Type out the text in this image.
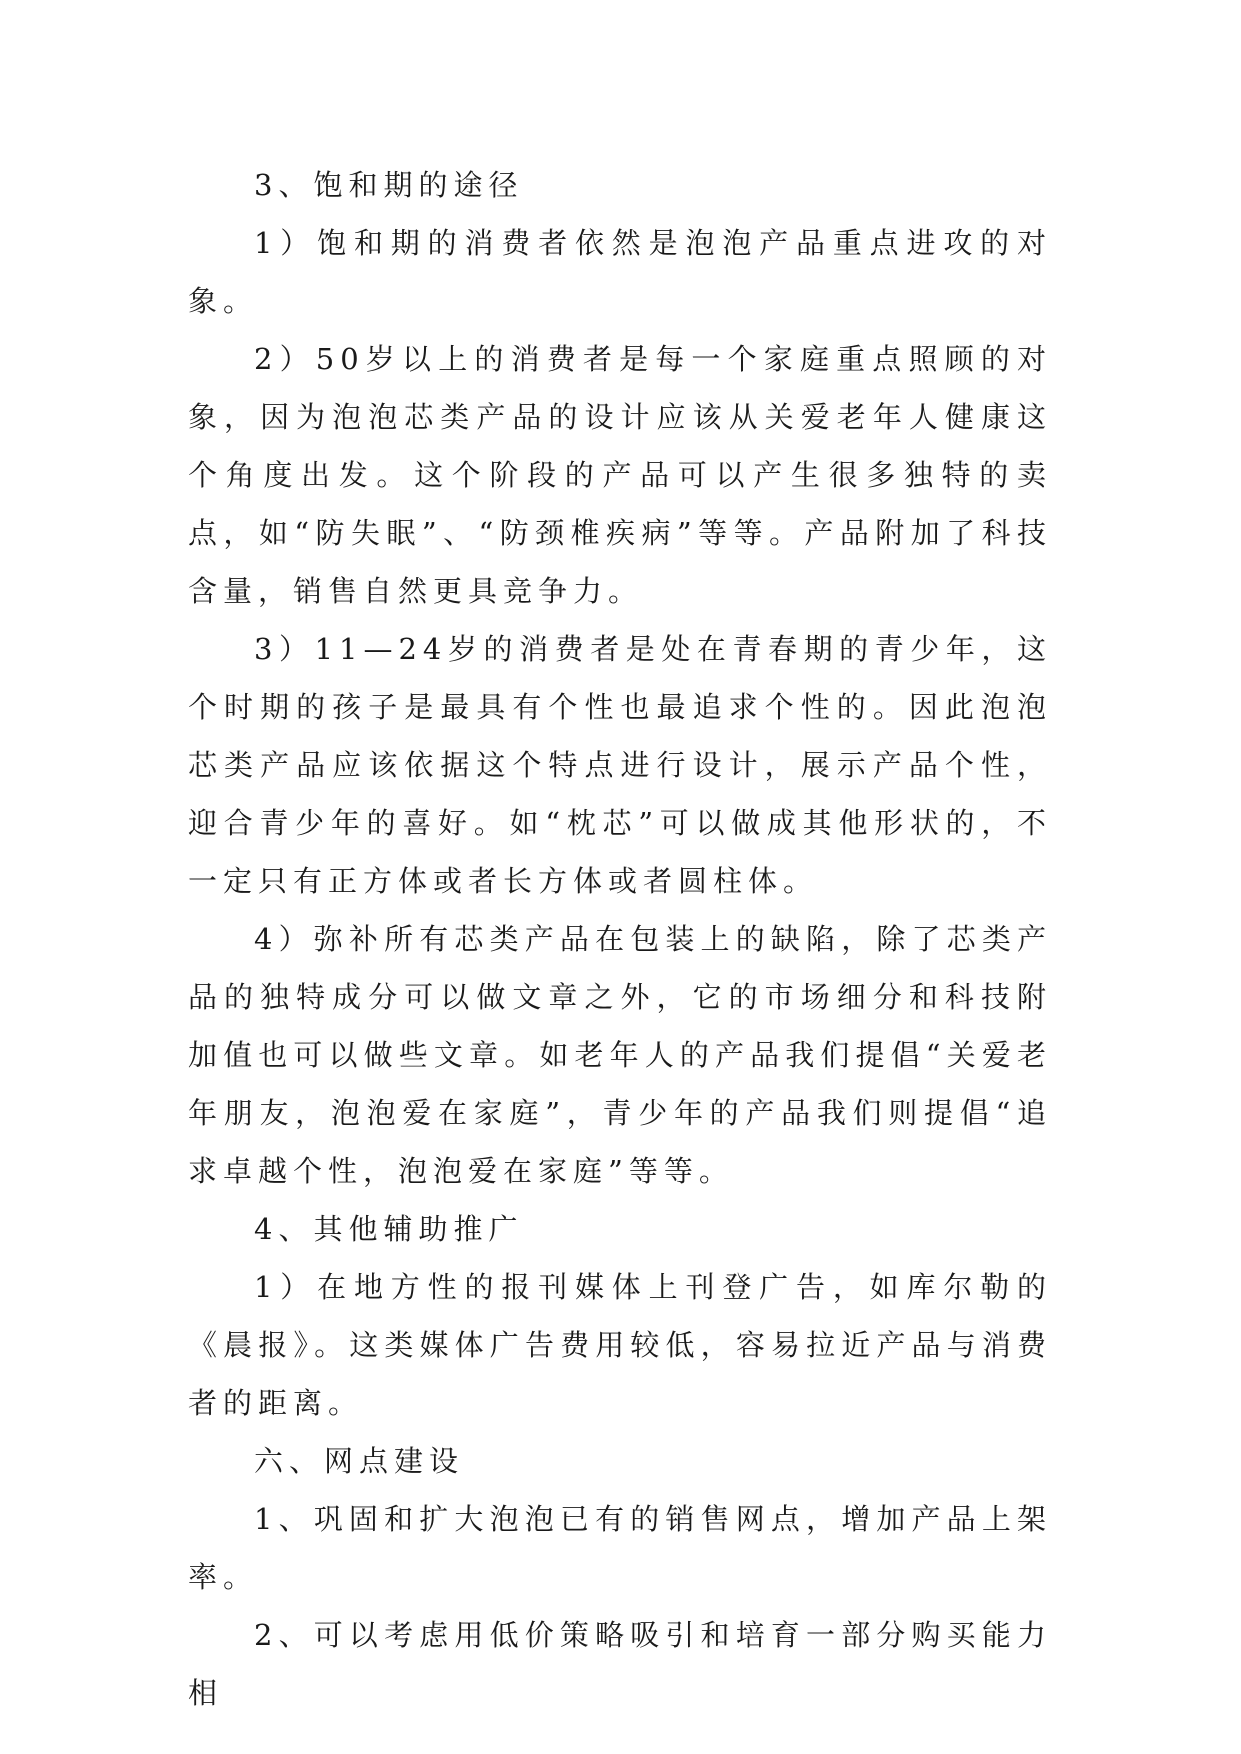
3、饱和期的途径

1）饱和期的消费者依然是泡泡产品重点进攻的对象。

2）50岁以上的消费者是每一个家庭重点照顾的对象，因为泡泡芯类产品的设计应该从关爱老年人健康这个角度出发。这个阶段的产品可以产生很多独特的卖点，如“防失眠”、“防颈椎疾病”等等。产品附加了科技含量，销售自然更具竞争力。

3）11—24岁的消费者是处在青春期的青少年，这个时期的孩子是最具有个性也最追求个性的。因此泡泡芯类产品应该依据这个特点进行设计，展示产品个性，迎合青少年的喜好。如“枕芯”可以做成其他形状的，不一定只有正方体或者长方体或者圆柱体。

4）弥补所有芯类产品在包装上的缺陷，除了芯类产品的独特成分可以做文章之外，它的市场细分和科技附加值也可以做些文章。如老年人的产品我们提倡“关爱老年朋友，泡泡爱在家庭”，青少年的产品我们则提倡“追求卓越个性，泡泡爱在家庭”等等。

4、其他辅助推广

1）在地方性的报刊媒体上刊登广告，如库尔勒的《晨报》。这类媒体广告费用较低，容易拉近产品与消费者的距离。

六、网点建设

1、巩固和扩大泡泡已有的销售网点，增加产品上架率。

2、可以考虑用低价策略吸引和培育一部分购买能力相
